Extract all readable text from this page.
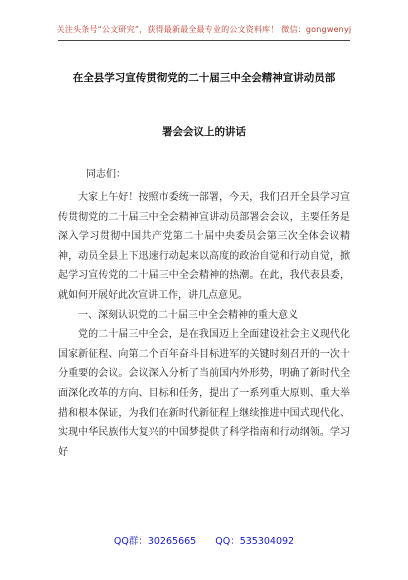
关注头条号“公文研究”，获得最新最全最专业的公文资料库！ 微信：gongwenyj
在全县学习宣传贯彻党的二十届三中全会精神宣讲动员部
署会会议上的讲话
同志们：

大家上午好！按照市委统一部署，今天，我们召开全县学习宣传贯彻党的二十届三中全会精神宣讲动员部署会会议，主要任务是深入学习贯彻中国共产党第二十届中央委员会第三次全体会议精神，动员全县上下迅速行动起来以高度的政治自觉和行动自觉，掀起学习宣传党的二十届三中全会精神的热潮。在此，我代表县委，就如何开展好此次宣讲工作，讲几点意见。

一、深刻认识党的二十届三中全会精神的重大意义

党的二十届三中全会，是在我国迈上全面建设社会主义现代化国家新征程、向第二个百年奋斗目标进军的关键时刻召开的一次十分重要的会议。会议深入分析了当前国内外形势，明确了新时代全面深化改革的方向、目标和任务，提出了一系列重大原则、重大举措和根本保证，为我们在新时代新征程上继续推进中国式现代化、实现中华民族伟大复兴的中国梦提供了科学指南和行动纲领。学习好

QQ群：30265665 QQ：535304092
